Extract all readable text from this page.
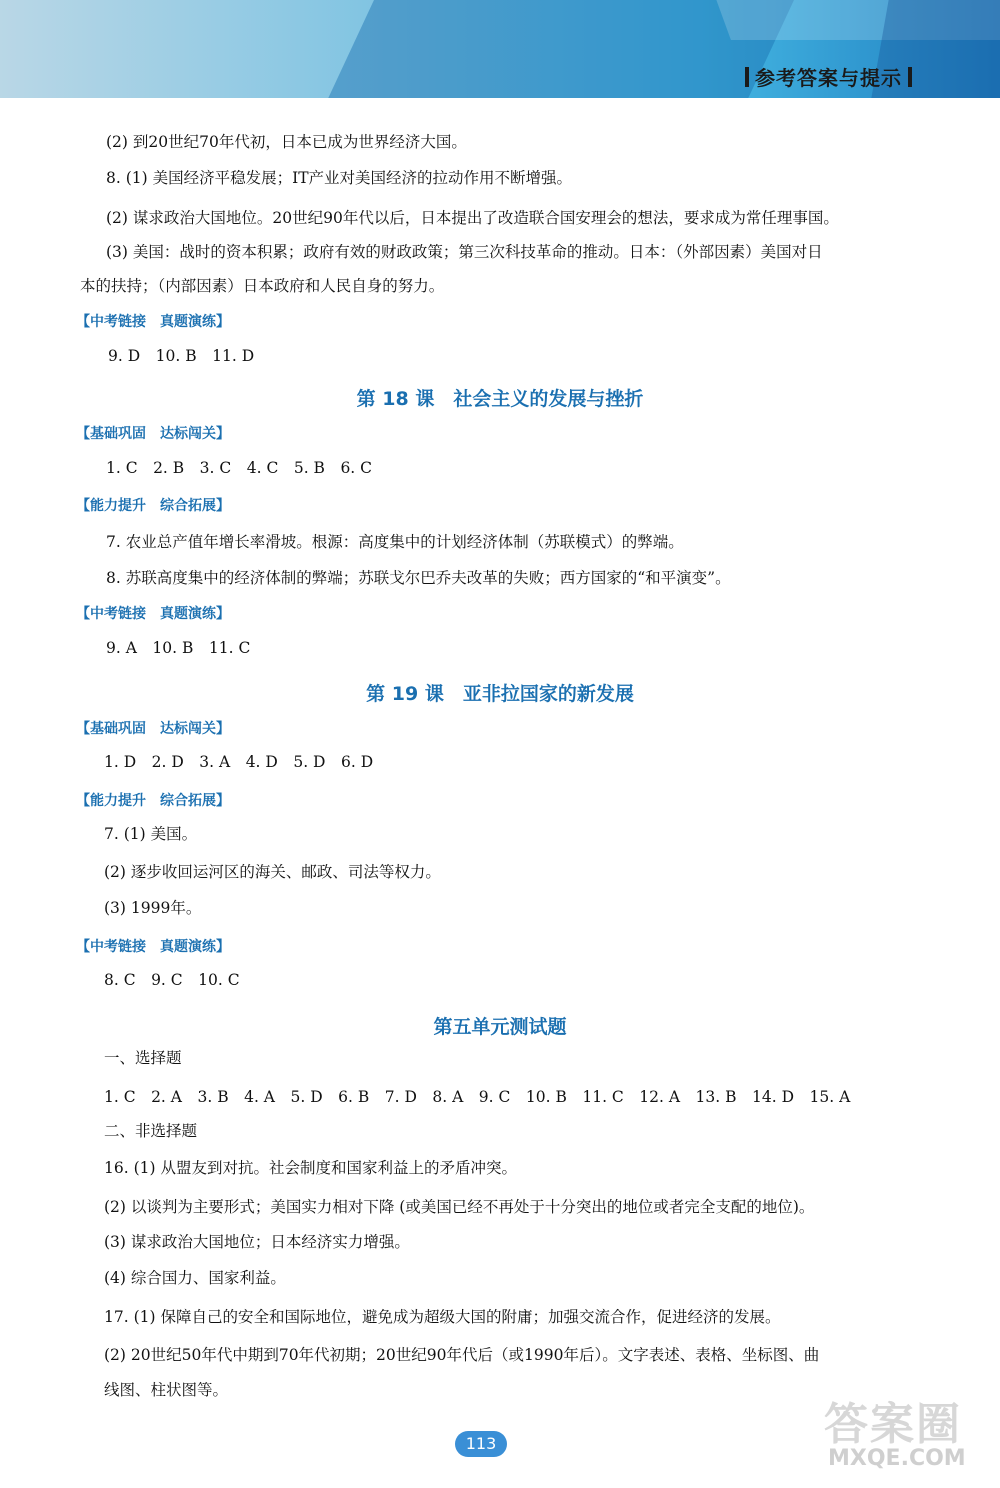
参考答案与提示
(2) 到20世纪70年代初，日本已成为世界经济大国。
8. (1) 美国经济平稳发展；IT产业对美国经济的拉动作用不断增强。
(2) 谋求政治大国地位。20世纪90年代以后，日本提出了改造联合国安理会的想法，要求成为常任理事国。
(3) 美国：战时的资本积累；政府有效的财政政策；第三次科技革命的推动。日本：（外部因素）美国对日
本的扶持；（内部因素）日本政府和人民自身的努力。
【中考链接　真题演练】
9. D　10. B　11. D
第 18 课　社会主义的发展与挫折
【基础巩固　达标闯关】
1. C　2. B　3. C　4. C　5. B　6. C
【能力提升　综合拓展】
7. 农业总产值年增长率滑坡。根源：高度集中的计划经济体制（苏联模式）的弊端。
8. 苏联高度集中的经济体制的弊端；苏联戈尔巴乔夫改革的失败；西方国家的“和平演变”。
【中考链接　真题演练】
9. A　10. B　11. C
第 19 课　亚非拉国家的新发展
【基础巩固　达标闯关】
1. D　2. D　3. A　4. D　5. D　6. D
【能力提升　综合拓展】
7. (1) 美国。
(2) 逐步收回运河区的海关、邮政、司法等权力。
(3) 1999年。
【中考链接　真题演练】
8. C　9. C　10. C
第五单元测试题
一、选择题
1. C　2. A　3. B　4. A　5. D　6. B　7. D　8. A　9. C　10. B　11. C　12. A　13. B　14. D　15. A
二、非选择题
16. (1) 从盟友到对抗。社会制度和国家利益上的矛盾冲突。
(2) 以谈判为主要形式；美国实力相对下降 (或美国已经不再处于十分突出的地位或者完全支配的地位)。
(3) 谋求政治大国地位；日本经济实力增强。
(4) 综合国力、国家利益。
17. (1) 保障自己的安全和国际地位，避免成为超级大国的附庸；加强交流合作，促进经济的发展。
(2) 20世纪50年代中期到70年代初期；20世纪90年代后（或1990年后）。文字表述、表格、坐标图、曲
线图、柱状图等。
113	答案圈
MXQE.COM
